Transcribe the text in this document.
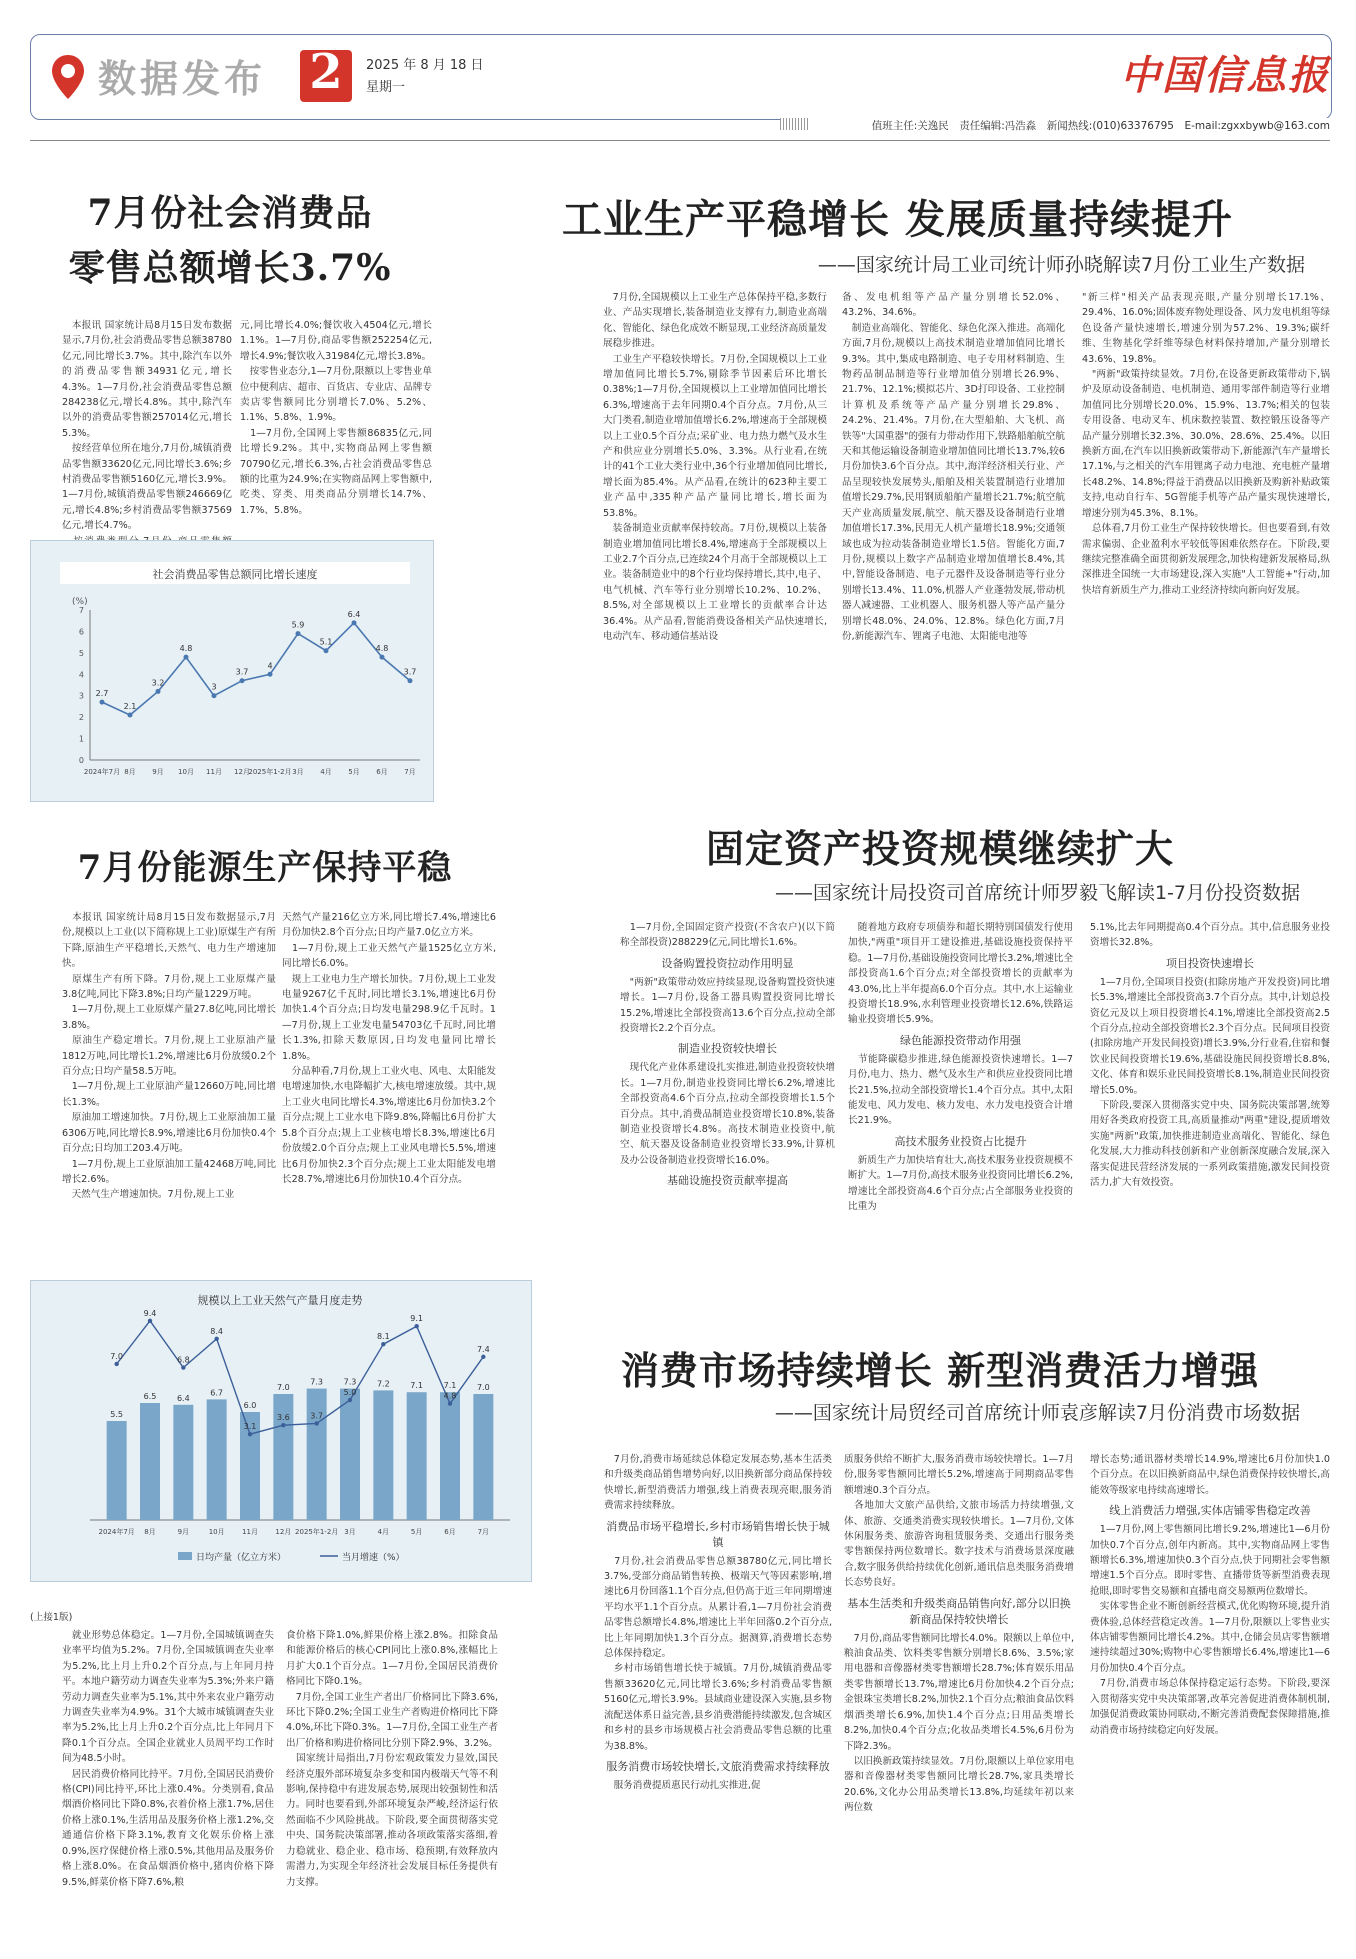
数据发布 2	2025 年 8 月 18 日
星期一	中国信息报
值班主任:关逸民　责任编辑:冯浩淼　新闻热线:(010)63376795　E-mail:zgxxbywb@163.com
7月份社会消费品
零售总额增长3.7%
　本报讯 国家统计局8月15日发布数据显示,7月份,社会消费品零售总额38780亿元,同比增长3.7%。其中,除汽车以外的消费品零售额34931亿元,增长4.3%。1—7月份,社会消费品零售总额284238亿元,增长4.8%。其中,除汽车以外的消费品零售额257014亿元,增长5.3%。
　按经营单位所在地分,7月份,城镇消费品零售额33620亿元,同比增长3.6%;乡村消费品零售额5160亿元,增长3.9%。1—7月份,城镇消费品零售额246669亿元,增长4.8%;乡村消费品零售额37569亿元,增长4.7%。

元,同比增长4.0%;餐饮收入4504亿元,增长1.1%。1—7月份,商品零售额252254亿元,增长4.9%;餐饮收入31984亿元,增长3.8%。
　按零售业态分,1—7月份,限额以上零售业单位中便利店、超市、百货店、专业店、品牌专卖店零售额同比分别增长7.0%、5.2%、1.1%、5.8%、1.9%。
　1—7月份,全国网上零售额86835亿元,同比增长9.2%。其中,实物商品网上零售额70790亿元,增长6.3%,占社会消费品零售总额的比重为24.9%;在实物商品网上零售额中,吃类、穿类、用类商品分别增长14.7%、1.7%、5.8%。
社会消费品零售总额同比增长速度
(%)
7
6
5
4
3
2
1
0
2.7
2.1
3.2
4.8
3
3.7
4
5.9
5.1
6.4
4.8
3.7
2024年7月 8月 9月 10月 11月 12月
2025年1-2月 3月 4月 5月 6月 7月
工业生产平稳增长 发展质量持续提升
——国家统计局工业司统计师孙晓解读7月份工业生产数据
　7月份,全国规模以上工业生产总体保持平稳,多数行业、产品实现增长,装备制造业支撑有力,制造业高端化、智能化、绿色化成效不断显现,工业经济高质量发展稳步推进。
　工业生产平稳较快增长。7月份,全国规模以上工业增加值同比增长5.7%,剔除季节因素后环比增长0.38%;1—7月份,全国规模以上工业增加值同比增长6.3%,增速高于去年同期0.4个百分点。7月份,从三大门类看,制造业增加值增长6.2%,增速高于全部规模以上工业0.5个百分点;采矿业、电力热力燃气及水生产和供应业分别增长5.0%、3.3%。从行业看,在统计的41个工业大类行业中,36个行业增加值同比增长,增长面为85.4%。从产品看,在统计的623种主要工业产品中,335种产品产量同比增长,增长面为53.8%。
　装备制造业贡献率保持较高。7月份,规模以上装备制造业增加值同比增长8.4%,增速高于全部规模以上工业2.7个百分点,已连续24个月高于全部规模以上工业。装备制造业中的8个行业均保持增长,其中,电子、电气机械、汽车等行业分别增长10.2%、10.2%、8.5%,对全部规模以上工业增长的贡献率合计达36.4%。从产品看,智能消费设备相关产品快速增长,电动汽车、移动通信基站设
备、发电机组等产品产量分别增长52.0%、43.2%、34.6%。
　制造业高端化、智能化、绿色化深入推进。高端化方面,7月份,规模以上高技术制造业增加值同比增长9.3%。其中,集成电路制造、电子专用材料制造、生物药品制品制造等行业增加值分别增长26.9%、21.7%、12.1%;模拟芯片、3D打印设备、工业控制计算机及系统等产品产量分别增长29.8%、24.2%、21.4%。7月份,在大型船舶、大飞机、高铁等"大国重器"的强有力带动作用下,铁路船舶航空航天和其他运输设备制造业增加值同比增长13.7%,较6月份加快3.6个百分点。其中,海洋经济相关行业、产品呈现较快发展势头,船舶及相关装置制造行业增加值增长29.7%,民用钢质船舶产量增长21.7%;航空航天产业高质量发展,航空、航天器及设备制造行业增加值增长17.3%,民用无人机产量增长18.9%;交通领域也成为拉动装备制造业增长1.5倍。智能化方面,7月份,规模以上数字产品制造业增加值增长8.4%,其中,智能设备制造、电子元器件及设备制造等行业分别增长13.4%、11.0%,机器人产业蓬勃发展,带动机器人减速器、工业机器人、服务机器人等产品产量分别增长48.0%、24.0%、12.8%。绿色化方面,7月份,新能源汽车、锂离子电池、太阳能电池等
"新三样"相关产品表现亮眼,产量分别增长17.1%、29.4%、16.0%;固体废弃物处理设备、风力发电机组等绿色设备产量快速增长,增速分别为57.2%、19.3%;碳纤维、生物基化学纤维等绿色材料保持增加,产量分别增长43.6%、19.8%。
　"两新"政策持续显效。7月份,在设备更新政策带动下,锅炉及原动设备制造、电机制造、通用零部件制造等行业增加值同比分别增长20.0%、15.9%、13.7%;相关的包装专用设备、电动叉车、机床数控装置、数控锻压设备等产品产量分别增长32.3%、30.0%、28.6%、25.4%。以旧换新方面,在汽车以旧换新政策带动下,新能源汽车产量增长17.1%,与之相关的汽车用锂离子动力电池、充电桩产量增长48.2%、14.8%;得益于消费品以旧换新及购新补贴政策支持,电动自行车、5G智能手机等产品产量实现快速增长,增速分别为45.3%、8.1%。
　总体看,7月份工业生产保持较快增长。但也要看到,有效需求偏弱、企业盈利水平较低等困难依然存在。下阶段,要继续完整准确全面贯彻新发展理念,加快构建新发展格局,纵深推进全国统一大市场建设,深入实施"人工智能+"行动,加快培育新质生产力,推动工业经济持续向新向好发展。
7月份能源生产保持平稳
　本报讯 国家统计局8月15日发布数据显示,7月份,规模以上工业(以下简称规上工业)原煤生产有所下降,原油生产平稳增长,天然气、电力生产增速加快。
　原煤生产有所下降。7月份,规上工业原煤产量3.8亿吨,同比下降3.8%;日均产量1229万吨。
　1—7月份,规上工业原煤产量27.8亿吨,同比增长3.8%。
　原油生产稳定增长。7月份,规上工业原油产量1812万吨,同比增长1.2%,增速比6月份放缓0.2个百分点;日均产量58.5万吨。
　1—7月份,规上工业原油产量12660万吨,同比增长1.3%。
　原油加工增速加快。7月份,规上工业原油加工量6306万吨,同比增长8.9%,增速比6月份加快0.4个百分点;日均加工203.4万吨。
　1—7月份,规上工业原油加工量42468万吨,同比增长2.6%。
　天然气生产增速加快。7月份,规上工业
天然气产量216亿立方米,同比增长7.4%,增速比6月份加快2.8个百分点;日均产量7.0亿立方米。
　1—7月份,规上工业天然气产量1525亿立方米,同比增长6.0%。
　规上工业电力生产增长加快。7月份,规上工业发电量9267亿千瓦时,同比增长3.1%,增速比6月份加快1.4个百分点;日均发电量298.9亿千瓦时。1—7月份,规上工业发电量54703亿千瓦时,同比增长1.3%,扣除天数原因,日均发电量同比增长1.8%。
　分品种看,7月份,规上工业火电、风电、太阳能发电增速加快,水电降幅扩大,核电增速放缓。其中,规上工业火电同比增长4.3%,增速比6月份加快3.2个百分点;规上工业水电下降9.8%,降幅比6月份扩大5.8个百分点;规上工业核电增长8.3%,增速比6月份放缓2.0个百分点;规上工业风电增长5.5%,增速比6月份加快2.3个百分点;规上工业太阳能发电增长28.7%,增速比6月份加快10.4个百分点。
规模以上工业天然气产量月度走势
5.5
6.5	6.4
6.7
6.0
7.0
7.3	7.3	7.2	7.1	7.1	7.0
7.0
9.4
6.8
8.4
3.1
3.6	3.7
5.0
8.1
9.1
4.8
7.4
2024年7月 8月	9月	10月 11月 12月 2025年1-2月 3月	4月	5月	6月	7月
日均产量（亿立方米）	当月增速（%）
固定资产投资规模继续扩大
——国家统计局投资司首席统计师罗毅飞解读1-7月份投资数据
　1—7月份,全国固定资产投资(不含农户)(以下简称全部投资)288229亿元,同比增长1.6%。
设备购置投资拉动作用明显
　"两新"政策带动效应持续显现,设备购置投资快速增长。1—7月份,设备工器具购置投资同比增长15.2%,增速比全部投资高13.6个百分点,拉动全部投资增长2.2个百分点。
制造业投资较快增长
　现代化产业体系建设扎实推进,制造业投资较快增长。1—7月份,制造业投资同比增长6.2%,增速比全部投资高4.6个百分点,拉动全部投资增长1.5个百分点。其中,消费品制造业投资增长10.8%,装备制造业投资增长4.8%。高技术制造业投资中,航空、航天器及设备制造业投资增长33.9%,计算机及办公设备制造业投资增长16.0%。
基础设施投资贡献率提高
　随着地方政府专项债券和超长期特别国债发行使用加快,"两重"项目开工建设推进,基础设施投资保持平稳。1—7月份,基础设施投资同比增长3.2%,增速比全部投资高1.6个百分点;对全部投资增长的贡献率为43.0%,比上半年提高6.0个百分点。其中,水上运输业投资增长18.9%,水利管理业投资增长12.6%,铁路运输业投资增长5.9%。
绿色能源投资带动作用强
　节能降碳稳步推进,绿色能源投资快速增长。1—7月份,电力、热力、燃气及水生产和供应业投资同比增长21.5%,拉动全部投资增长1.4个百分点。其中,太阳能发电、风力发电、核力发电、水力发电投资合计增长21.9%。
高技术服务业投资占比提升
　新质生产力加快培育壮大,高技术服务业投资规模不断扩大。1—7月份,高技术服务业投资同比增长6.2%,增速比全部投资高4.6个百分点;占全部服务业投资的比重为
5.1%,比去年同期提高0.4个百分点。其中,信息服务业投资增长32.8%。
项目投资快速增长
　1—7月份,全国项目投资(扣除房地产开发投资)同比增长5.3%,增速比全部投资高3.7个百分点。其中,计划总投资亿元及以上项目投资增长4.1%,增速比全部投资高2.5个百分点,拉动全部投资增长2.3个百分点。民间项目投资(扣除房地产开发民间投资)增长3.9%,分行业看,住宿和餐饮业民间投资增长19.6%,基础设施民间投资增长8.8%,文化、体育和娱乐业民间投资增长8.1%,制造业民间投资增长5.0%。
　下阶段,要深入贯彻落实党中央、国务院决策部署,统筹用好各类政府投资工具,高质量推动"两重"建设,提质增效实施"两新"政策,加快推进制造业高端化、智能化、绿色化发展,大力推动科技创新和产业创新深度融合发展,深入落实促进民营经济发展的一系列政策措施,激发民间投资活力,扩大有效投资。
(上接1版)
　就业形势总体稳定。1—7月份,全国城镇调查失业率平均值为5.2%。7月份,全国城镇调查失业率为5.2%,比上月上升0.2个百分点,与上年同月持平。本地户籍劳动力调查失业率为5.3%;外来户籍劳动力调查失业率为5.1%,其中外来农业户籍劳动力调查失业率为4.9%。31个大城市城镇调查失业率为5.2%,比上月上升0.2个百分点,比上年同月下降0.1个百分点。全国企业就业人员周平均工作时间为48.5小时。
　居民消费价格同比持平。7月份,全国居民消费价格(CPI)同比持平,环比上涨0.4%。分类别看,食品烟酒价格同比下降0.8%,衣着价格上涨1.7%,居住价格上涨0.1%,生活用品及服务价格上涨1.2%,交通通信价格下降3.1%,教育文化娱乐价格上涨0.9%,医疗保健价格上涨0.5%,其他用品及服务价格上涨8.0%。在食品烟酒价格中,猪肉价格下降9.5%,鲜菜价格下降7.6%,粮
食价格下降1.0%,鲜果价格上涨2.8%。扣除食品和能源价格后的核心CPI同比上涨0.8%,涨幅比上月扩大0.1个百分点。1—7月份,全国居民消费价格同比下降0.1%。
　7月份,全国工业生产者出厂价格同比下降3.6%,环比下降0.2%;全国工业生产者购进价格同比下降4.0%,环比下降0.3%。1—7月份,全国工业生产者出厂价格和购进价格同比分别下降2.9%、3.2%。
　国家统计局指出,7月份宏观政策发力显效,国民经济克服外部环境复杂多变和国内极端天气等不利影响,保持稳中有进发展态势,展现出较强韧性和活力。同时也要看到,外部环境复杂严峻,经济运行依然面临不少风险挑战。下阶段,要全面贯彻落实党中央、国务院决策部署,推动各项政策落实落细,着力稳就业、稳企业、稳市场、稳预期,有效释放内需潜力,为实现全年经济社会发展目标任务提供有力支撑。
消费市场持续增长 新型消费活力增强
——国家统计局贸经司首席统计师袁彦解读7月份消费市场数据
　7月份,消费市场延续总体稳定发展态势,基本生活类和升级类商品销售增势向好,以旧换新部分商品保持较快增长,新型消费活力增强,线上消费表现亮眼,服务消费需求持续释放。
消费品市场平稳增长,乡村市场销售增长快于城镇
　7月份,社会消费品零售总额38780亿元,同比增长3.7%,受部分商品销售转换、极端天气等因素影响,增速比6月份回落1.1个百分点,但仍高于近三年同期增速平均水平1.1个百分点。从累计看,1—7月份社会消费品零售总额增长4.8%,增速比上半年回落0.2个百分点,比上年同期加快1.3个百分点。据测算,消费增长态势总体保持稳定。
　乡村市场销售增长快于城镇。7月份,城镇消费品零售额33620亿元,同比增长3.6%;乡村消费品零售额5160亿元,增长3.9%。县域商业建设深入实施,县乡物流配送体系日益完善,县乡消费潜能持续激发,包含城区和乡村的县乡市场规模占社会消费品零售总额的比重为38.8%。
服务消费市场较快增长,文旅消费需求持续释放
　服务消费提质惠民行动扎实推进,促
质服务供给不断扩大,服务消费市场较快增长。1—7月份,服务零售额同比增长5.2%,增速高于同期商品零售额增速0.3个百分点。
　各地加大文旅产品供给,文旅市场活力持续增强,文体、旅游、交通类消费实现较快增长。1—7月份,文体休闲服务类、旅游咨询租赁服务类、交通出行服务类零售额保持两位数增长。数字技术与消费场景深度融合,数字服务供给持续优化创新,通讯信息类服务消费增长态势良好。
基本生活类和升级类商品销售向好,部分以旧换新商品保持较快增长
　7月份,商品零售额同比增长4.0%。限额以上单位中,粮油食品类、饮料类零售额分别增长8.6%、3.5%;家用电器和音像器材类零售额增长28.7%;体育娱乐用品类零售额增长13.7%,增速比6月份加快4.2个百分点;金银珠宝类增长8.2%,加快2.1个百分点;粮油食品饮料烟酒类增长6.9%,加快1.4个百分点;日用品类增长8.2%,加快0.4个百分点;化妆品类增长4.5%,6月份为下降2.3%。
　以旧换新政策持续显效。7月份,限额以上单位家用电器和音像器材类零售额同比增长28.7%,家具类增长20.6%,文化办公用品类增长13.8%,均延续年初以来两位数
增长态势;通讯器材类增长14.9%,增速比6月份加快1.0个百分点。在以旧换新商品中,绿色消费保持较快增长,高能效等级家电持续高速增长。
线上消费活力增强,实体店铺零售稳定改善
　1—7月份,网上零售额同比增长9.2%,增速比1—6月份加快0.7个百分点,创年内新高。其中,实物商品网上零售额增长6.3%,增速加快0.3个百分点,快于同期社会零售额增速1.5个百分点。即时零售、直播带货等新型消费表现抢眼,即时零售交易额和直播电商交易额两位数增长。
　实体零售企业不断创新经营模式,优化购物环境,提升消费体验,总体经营稳定改善。1—7月份,限额以上零售业实体店铺零售额同比增长4.2%。其中,仓储会员店零售额增速持续超过30%;购物中心零售额增长6.4%,增速比1—6月份加快0.4个百分点。
　7月份,消费市场总体保持稳定运行态势。下阶段,要深入贯彻落实党中央决策部署,改革完善促进消费体制机制,加强促消费政策协同联动,不断完善消费配套保障措施,推动消费市场持续稳定向好发展。
